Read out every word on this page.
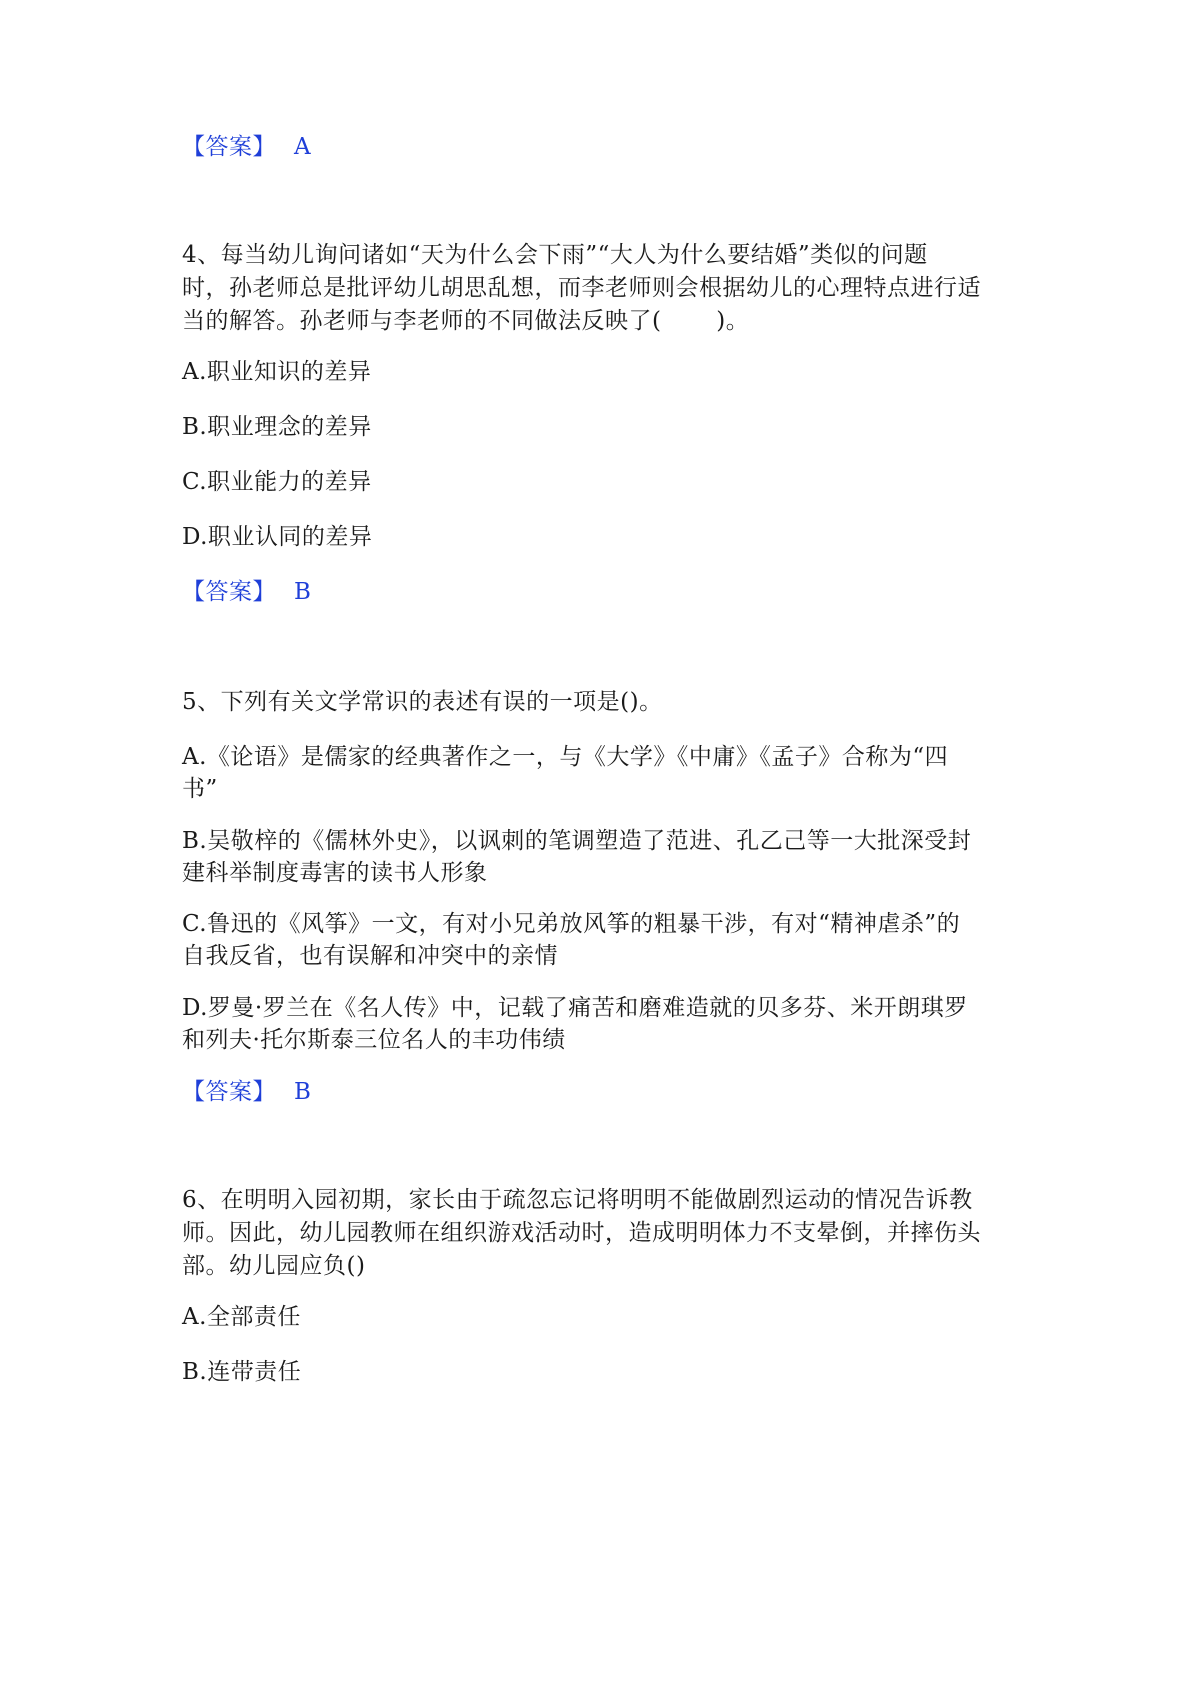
【答案】 A
4、每当幼儿询问诸如“天为什么会下雨”“大人为什么要结婚”类似的问题
时，孙老师总是批评幼儿胡思乱想，而李老师则会根据幼儿的心理特点进行适
当的解答。孙老师与李老师的不同做法反映了(　　 )。
A.职业知识的差异
B.职业理念的差异
C.职业能力的差异
D.职业认同的差异
【答案】 B
5、下列有关文学常识的表述有误的一项是()。
A.《论语》是儒家的经典著作之一，与《大学》《中庸》《孟子》合称为“四
书”
B.吴敬梓的《儒林外史》，以讽刺的笔调塑造了范进、孔乙己等一大批深受封
建科举制度毒害的读书人形象
C.鲁迅的《风筝》一文，有对小兄弟放风筝的粗暴干涉，有对“精神虐杀”的
自我反省，也有误解和冲突中的亲情
D.罗曼·罗兰在《名人传》中，记载了痛苦和磨难造就的贝多芬、米开朗琪罗
和列夫·托尔斯泰三位名人的丰功伟绩
【答案】 B
6、在明明入园初期，家长由于疏忽忘记将明明不能做剧烈运动的情况告诉教
师。因此，幼儿园教师在组织游戏活动时，造成明明体力不支晕倒，并摔伤头
部。幼儿园应负()
A.全部责任
B.连带责任
